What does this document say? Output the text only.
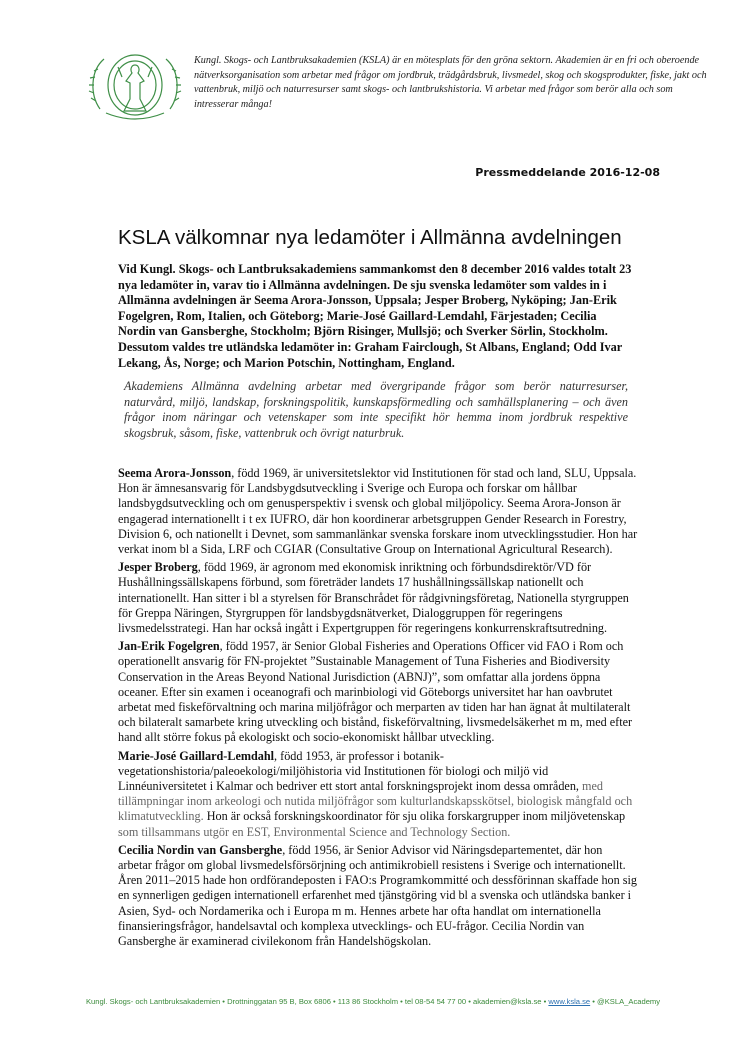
Kungl. Skogs- och Lantbruksakademien (KSLA) är en mötesplats för den gröna sektorn. Akademien är en fri och oberoende nätverksorganisation som arbetar med frågor om jordbruk, trädgårdsbruk, livsmedel, skog och skogsprodukter, fiske, jakt och vattenbruk, miljö och naturresurser samt skogs- och lantbrukshistoria. Vi arbetar med frågor som berör alla och som intresserar många!
Pressmeddelande 2016-12-08
KSLA välkomnar nya ledamöter i Allmänna avdelningen
Vid Kungl. Skogs- och Lantbruksakademiens sammankomst den 8 december 2016 valdes totalt 23 nya ledamöter in, varav tio i Allmänna avdelningen. De sju svenska ledamöter som valdes in i Allmänna avdelningen är Seema Arora-Jonsson, Uppsala; Jesper Broberg, Nyköping; Jan-Erik Fogelgren, Rom, Italien, och Göteborg; Marie-José Gaillard-Lemdahl, Färjestaden; Cecilia Nordin van Gansberghe, Stockholm; Björn Risinger, Mullsjö; och Sverker Sörlin, Stockholm. Dessutom valdes tre utländska ledamöter in: Graham Fairclough, St Albans, England; Odd Ivar Lekang, Ås, Norge; och Marion Potschin, Nottingham, England.
Akademiens Allmänna avdelning arbetar med övergripande frågor som berör naturresurser, naturvård, miljö, landskap, forskningspolitik, kunskapsförmedling och samhällsplanering – och även frågor inom näringar och vetenskaper som inte specifikt hör hemma inom jordbruk respektive skogsbruk, såsom, fiske, vattenbruk och övrigt naturbruk.

Seema Arora-Jonsson, född 1969, är universitetslektor vid Institutionen för stad och land, SLU, Uppsala. Hon är ämnesansvarig för Landsbygdsutveckling i Sverige och Europa och forskar om hållbar landsbygdsutveckling och om genusperspektiv i svensk och global miljöpolicy. Seema Arora-Jonson är engagerad internationellt i t ex IUFRO, där hon koordinerar arbetsgruppen Gender Research in Forestry, Division 6, och nationellt i Devnet, som sammanlänkar svenska forskare inom utvecklingsstudier. Hon har verkat inom bl a Sida, LRF och CGIAR (Consultative Group on International Agricultural Research).

Jesper Broberg, född 1969, är agronom med ekonomisk inriktning och förbundsdirektör/VD för Hushållningssällskapens förbund, som företräder landets 17 hushållningssällskap nationellt och internationellt. Han sitter i bl a styrelsen för Branschrådet för rådgivningsföretag, Nationella styrgruppen för Greppa Näringen, Styrgruppen för landsbygdsnätverket, Dialoggruppen för regeringens livsmedelsstrategi. Han har också ingått i Expertgruppen för regeringens konkurrenskraftsutredning.

Jan-Erik Fogelgren, född 1957, är Senior Global Fisheries and Operations Officer vid FAO i Rom och operationellt ansvarig för FN-projektet ”Sustainable Management of Tuna Fisheries and Biodiversity Conservation in the Areas Beyond National Jurisdiction (ABNJ)”, som omfattar alla jordens öppna oceaner. Efter sin examen i oceanografi och marinbiologi vid Göteborgs universitet har han oavbrutet arbetat med fiskeförvaltning och marina miljöfrågor och merparten av tiden har han ägnat åt multilateralt och bilateralt samarbete kring utveckling och bistånd, fiskeförvaltning, livsmedelsäkerhet m m, med efter hand allt större fokus på ekologiskt och socio-ekonomiskt hållbar utveckling.

Marie-José Gaillard-Lemdahl, född 1953, är professor i botanik-vegetationshistoria/paleoekologi/miljöhistoria vid Institutionen för biologi och miljö vid Linnéuniversitetet i Kalmar och bedriver ett stort antal forskningsprojekt inom dessa områden, med tillämpningar inom arkeologi och nutida miljöfrågor som kulturlandskapsskötsel, biologisk mångfald och klimatutveckling. Hon är också forskningskoordinator för sju olika forskargrupper inom miljövetenskap som tillsammans utgör en EST, Environmental Science and Technology Section.

Cecilia Nordin van Gansberghe, född 1956, är Senior Advisor vid Näringsdepartementet, där hon arbetar frågor om global livsmedelsförsörjning och antimikrobiell resistens i Sverige och internationellt. Åren 2011–2015 hade hon ordförandeposten i FAO:s Programkommitté och dessförinnan skaffade hon sig en synnerligen gedigen internationell erfarenhet med tjänstgöring vid bl a svenska och utländska banker i Asien, Syd- och Nordamerika och i Europa m m. Hennes arbete har ofta handlat om internationella finansieringsfrågor, handelsavtal och komplexa utvecklings- och EU-frågor. Cecilia Nordin van Gansberghe är examinerad civilekonom från Handelshögskolan.

Kungl. Skogs- och Lantbruksakademien • Drottninggatan 95 B, Box 6806 • 113 86 Stockholm • tel 08-54 54 77 00 • akademien@ksla.se • www.ksla.se • @KSLA_Academy
